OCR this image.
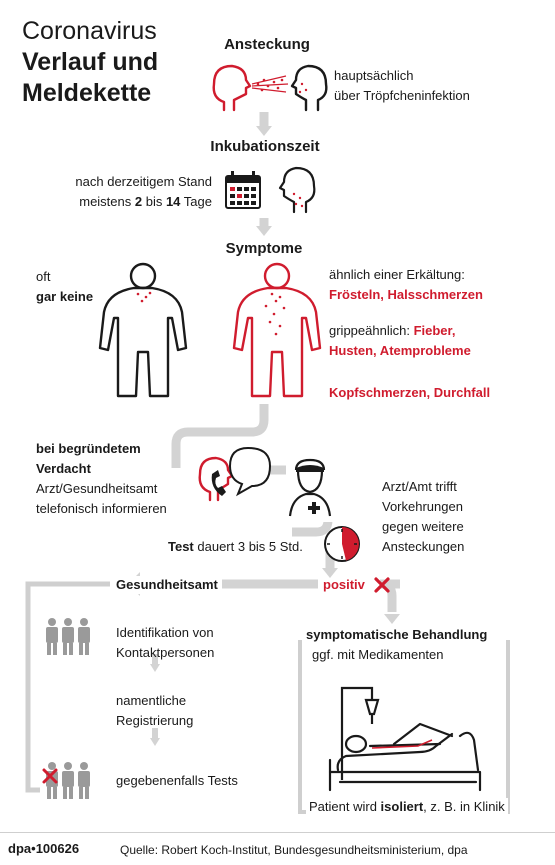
Coronavirus
Verlauf und
Meldekette
Ansteckung
hauptsächlich
über Tröpfcheninfektion
Inkubationszeit
nach derzeitigem Stand
meistens 2 bis 14 Tage
Symptome
oft
gar keine
ähnlich einer Erkältung:
Frösteln, Halsschmerzen
grippeähnlich: Fieber,
Husten, Atemprobleme
Kopfschmerzen, Durchfall
bei begründetem
Verdacht
Arzt/Gesundheitsamt
telefonisch informieren
Arzt/Amt trifft
Vorkehrungen
gegen weitere
Ansteckungen
Test dauert 3 bis 5 Std.
positiv
Gesundheitsamt
Identifikation von
Kontaktpersonen
namentliche
Registrierung
gegebenenfalls Tests
symptomatische Behandlung
ggf. mit Medikamenten
Patient wird isoliert, z. B. in Klinik
dpa•100626	Quelle: Robert Koch-Institut, Bundesgesundheitsministerium, dpa
